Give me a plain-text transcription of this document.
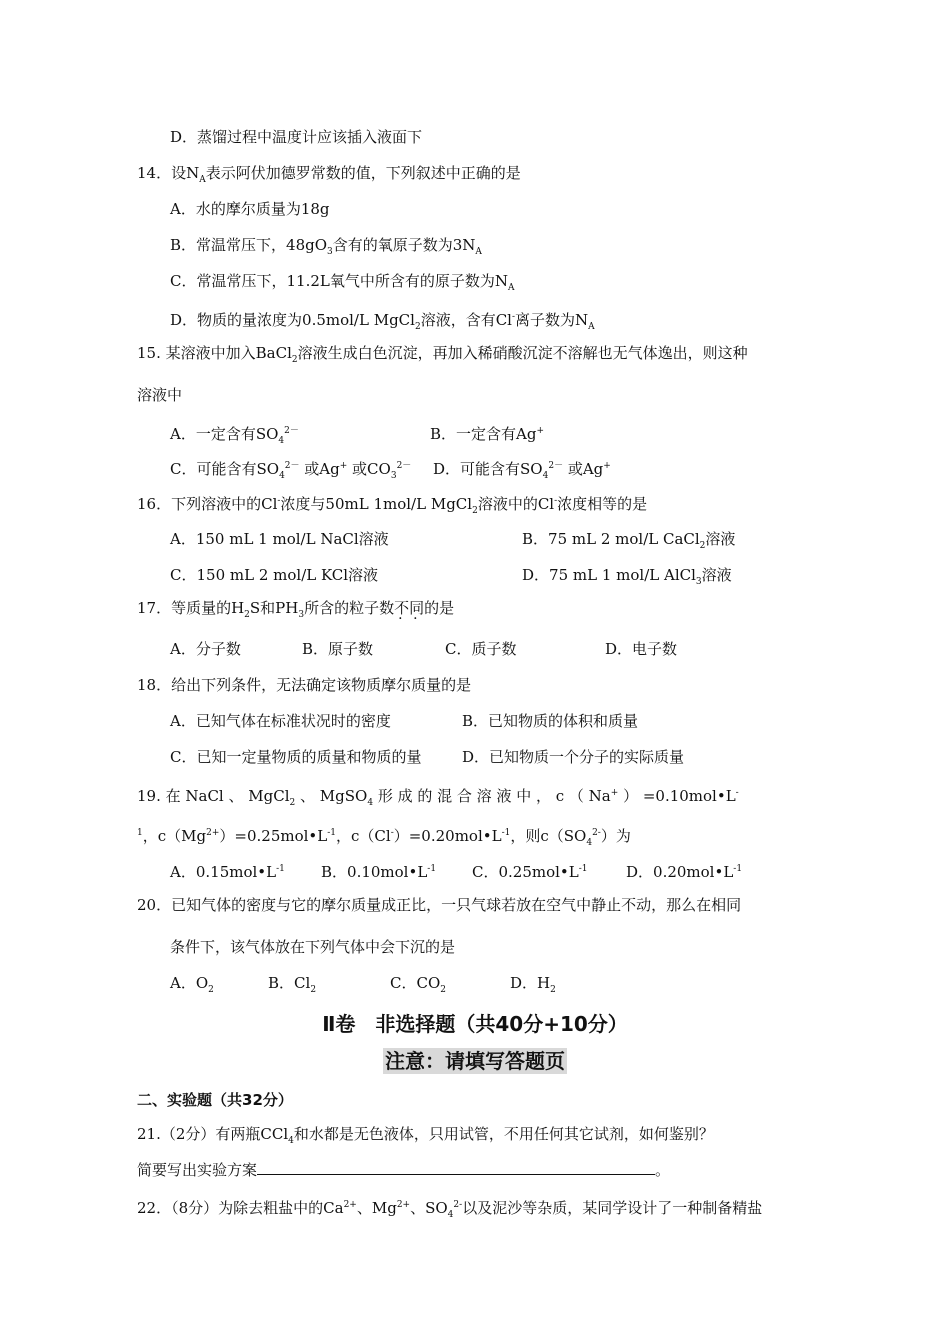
D．蒸馏过程中温度计应该插入液面下
14．设$N_A$表示阿伏加德罗常数的值，下列叙述中正确的是
A．水的摩尔质量为18g
B．常温常压下，$48gO_3$含有的氧原子数为$3N_A$
C．常温常压下，11.2L氧气中所含有的原子数为$N_A$
D．物质的量浓度为0.5mol/L MgCl$_2$溶液，含有Cl-离子数为$N_A$
15. 某溶液中加入BaCl$_2$溶液生成白色沉淀，再加入稀硝酸沉淀不溶解也无气体逸出，则这种
溶液中
A．一定含有$SO_4^{2-}$	B．一定含有Ag+
C．可能含有$SO_4^{2-}$ 或Ag+ 或$CO_3^{2-}$ D．可能含有$SO_4^{2-}$ 或Ag+
16．下列溶液中的Cl-浓度与50mL 1mol/L MgCl$_2$溶液中的Cl-浓度相等的是
A．150 mL 1 mol/L NaCl溶液	B．75 mL 2 mol/L CaCl$_2$溶液
C．150 mL 2 mol/L KCl溶液	D．75 mL 1 mol/L AlCl$_3$溶液
17．等质量的$H_2S$和$PH_3$所含的粒子数不同的是
A．分子数	B．原子数	C．质子数	D．电子数
18．给出下列条件，无法确定该物质摩尔质量的是
A．已知气体在标准状况时的密度	B．已知物质的体积和质量
C．已知一定量物质的质量和物质的量	D．已知物质一个分子的实际质量
19. 在 NaCl 、 MgCl$_2$ 、 MgSO$_4$ 形 成 的 混 合 溶 液 中 ， c （ Na+ ） =0.10mol•L-
$^1$，$c(Mg^{2+})=0.25mol•L^{-1}$，$c(Cl^-)=0.20mol•L^{-1}$，则$c(SO_4^{2-})$为
A．$0.15mol•L^{-1}$ B．$0.10mol•L^{-1}$ C．$0.25mol•L^{-1}$	D．$0.20mol•L^{-1}$
20．已知气体的密度与它的摩尔质量成正比，一只气球若放在空气中静止不动，那么在相同
条件下，该气体放在下列气体中会下沉的是
A．$O_2$	B．$Cl_2$	C．$CO_2$	D．$H_2$
Ⅱ卷　非选择题（共40分+10分）
注意：请填写答题页
二、实验题（共32分）
21.（2分）有两瓶CCl$_4$和水都是无色液体，只用试管，不用任何其它试剂，如何鉴别？
简要写出实验方案	。
22．（8分）为除去粗盐中的$Ca^{2+}$、$Mg^{2+}$、$SO_4^{2-}$以及泥沙等杂质，某同学设计了一种制备精盐
